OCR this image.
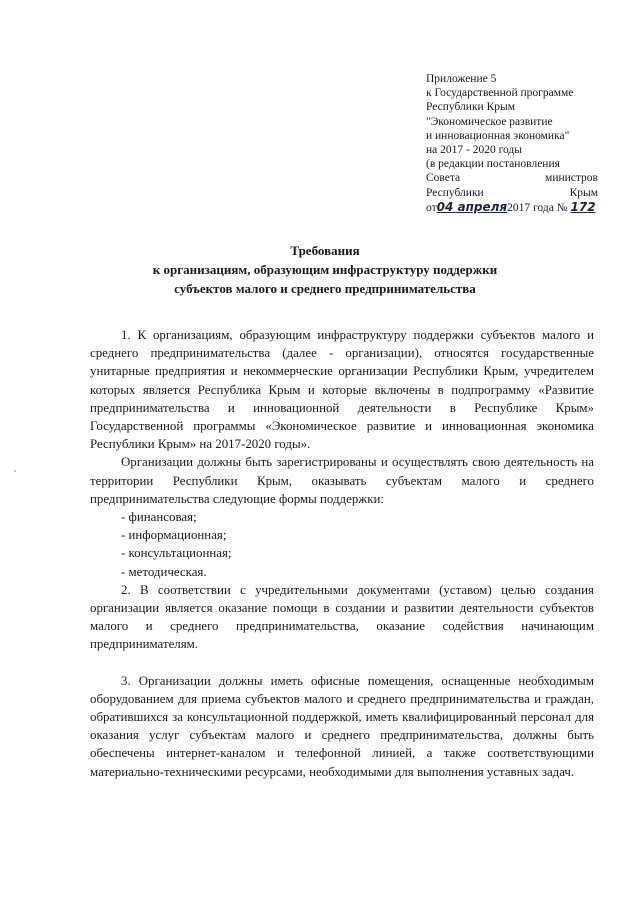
Приложение 5
к Государственной программе
Республики Крым
"Экономическое развитие
и инновационная экономика"
на 2017 - 2020 годы
(в редакции постановления
Совета	министров
Республики	Крым
от04 апреля2017 года № 172
Требования
к организациям, образующим инфраструктуру поддержки
субъектов малого и среднего предпринимательства

1. К организациям, образующим инфраструктуру поддержки субъектов малого и среднего предпринимательства (далее - организации), относятся государственные унитарные предприятия и некоммерческие организации Республики Крым, учредителем которых является Республика Крым и которые включены в подпрограмму «Развитие предпринимательства и инновационной деятельности в Республике Крым» Государственной программы «Экономическое развитие и инновационная экономика Республики Крым» на 2017-2020 годы».

Организации должны быть зарегистрированы и осуществлять свою деятельность на территории Республики Крым, оказывать субъектам малого и среднего предпринимательства следующие формы поддержки:

- финансовая;

- информационная;

- консультационная;

- методическая.

2. В соответствии с учредительными документами (уставом) целью создания организации является оказание помощи в создании и развитии деятельности субъектов малого и среднего предпринимательства, оказание содействия начинающим предпринимателям.

3. Организации должны иметь офисные помещения, оснащенные необходимым оборудованием для приема субъектов малого и среднего предпринимательства и граждан, обратившихся за консультационной поддержкой, иметь квалифицированный персонал для оказания услуг субъектам малого и среднего предпринимательства, должны быть обеспечены интернет-каналом и телефонной линией, а также соответствующими материально-техническими ресурсами, необходимыми для выполнения уставных задач.
